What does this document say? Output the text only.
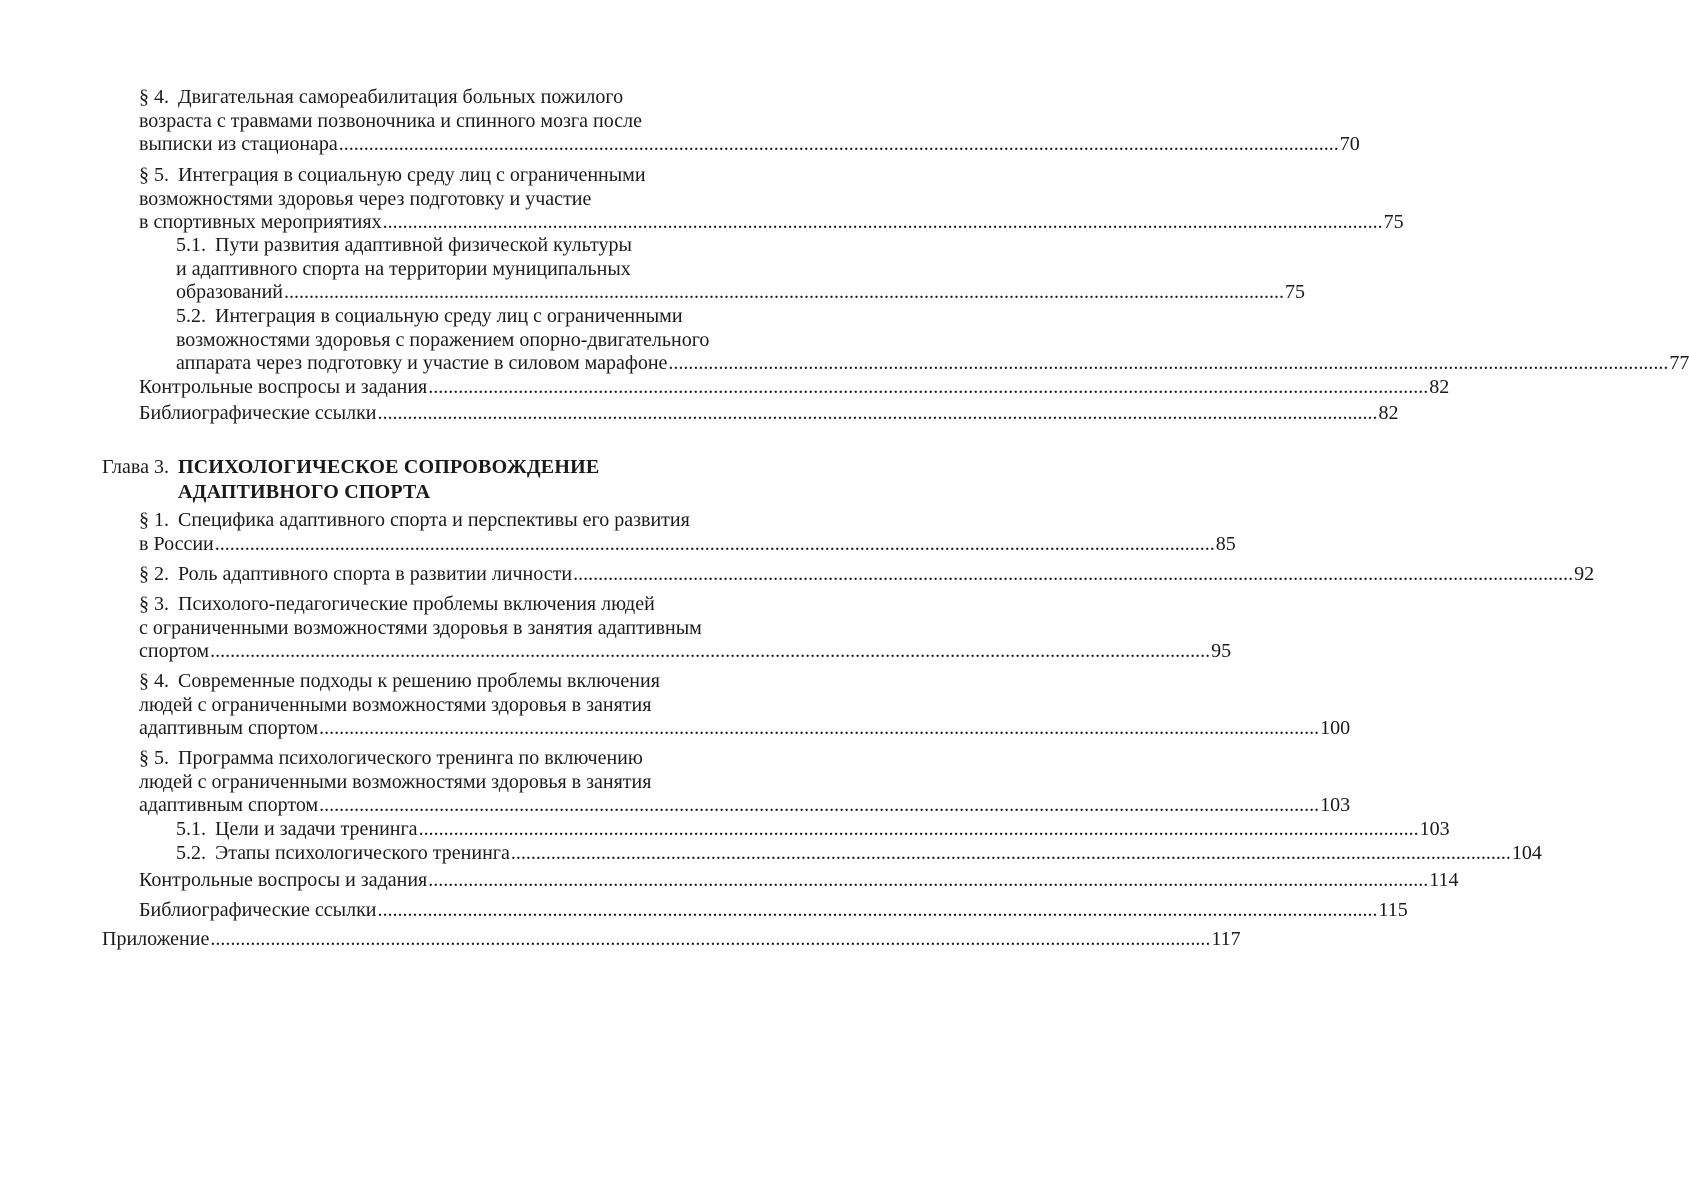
§ 4. Двигательная самореабилитация больных пожилого
возраста с травмами позвоночника и спинного мозга после
выписки из стационара ........................................................................................................................................................................................................ 70
§ 5. Интеграция в социальную среду лиц с ограниченными
возможностями здоровья через подготовку и участие
в спортивных мероприятиях ........................................................................................................................................................................................................ 75
5.1. Пути развития адаптивной физической культуры
и адаптивного спорта на территории муниципальных
образований ........................................................................................................................................................................................................ 75
5.2. Интеграция в социальную среду лиц с ограниченными
возможностями здоровья с поражением опорно-двигательного
аппарата через подготовку и участие в силовом марафоне ........................................................................................................................................................................................................ 77
Контрольные воспросы и задания ........................................................................................................................................................................................................ 82
Библиографические ссылки ........................................................................................................................................................................................................ 82
Глава 3. ПСИХОЛОГИЧЕСКОЕ СОПРОВОЖДЕНИЕ
АДАПТИВНОГО СПОРТА
§ 1. Специфика адаптивного спорта и перспективы его развития
в России ........................................................................................................................................................................................................ 85
§ 2. Роль адаптивного спорта в развитии личности ........................................................................................................................................................................................................ 92
§ 3. Психолого-педагогические проблемы включения людей
с ограниченными возможностями здоровья в занятия адаптивным
спортом ........................................................................................................................................................................................................ 95
§ 4. Современные подходы к решению проблемы включения
людей с ограниченными возможностями здоровья в занятия
адаптивным спортом ........................................................................................................................................................................................................ 100
§ 5. Программа психологического тренинга по включению
людей с ограниченными возможностями здоровья в занятия
адаптивным спортом ........................................................................................................................................................................................................ 103
5.1. Цели и задачи тренинга ........................................................................................................................................................................................................ 103
5.2. Этапы психологического тренинга ........................................................................................................................................................................................................ 104
Контрольные воспросы и задания ........................................................................................................................................................................................................ 114
Библиографические ссылки ........................................................................................................................................................................................................ 115
Приложение ........................................................................................................................................................................................................ 117
